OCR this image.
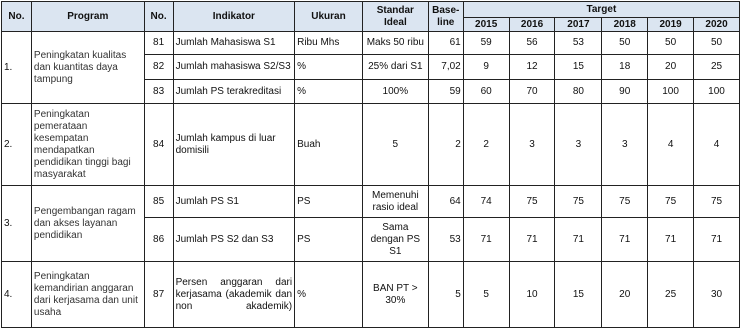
No.	Program	No.	Indikator	Ukuran	Standar Ideal	Base-line	Target					
							2015	2016	2017	2018	2019	2020
1.	Peningkatan kualitas dan kuantitas daya tampung	81	Jumlah Mahasiswa S1	Ribu Mhs	Maks 50 ribu	61	59	56	53	50	50	50
		82	Jumlah mahasiswa S2/S3	%	25% dari S1	7,02	9	12	15	18	20	25
		83	Jumlah PS terakreditasi	%	100%	59	60	70	80	90	100	100
2.	Peningkatan pemerataan kesempatan mendapatkan pendidikan tinggi bagi masyarakat	84	Jumlah kampus di luar domisili	Buah	5	2	2	3	3	3	4	4
3.	Pengembangan ragam dan akses layanan pendidikan	85	Jumlah PS S1	PS	Memenuhi rasio ideal	64	74	75	75	75	75	75
		86	Jumlah PS S2 dan S3	PS	Sama dengan PS S1	53	71	71	71	71	71	71
4.	Peningkatan kemandirian anggaran dari kerjasama dan unit usaha	87	Persen anggaran dari kerjasama (akademik dan non akademik)	%	BAN PT > 30%	5	5	10	15	20	25	30
